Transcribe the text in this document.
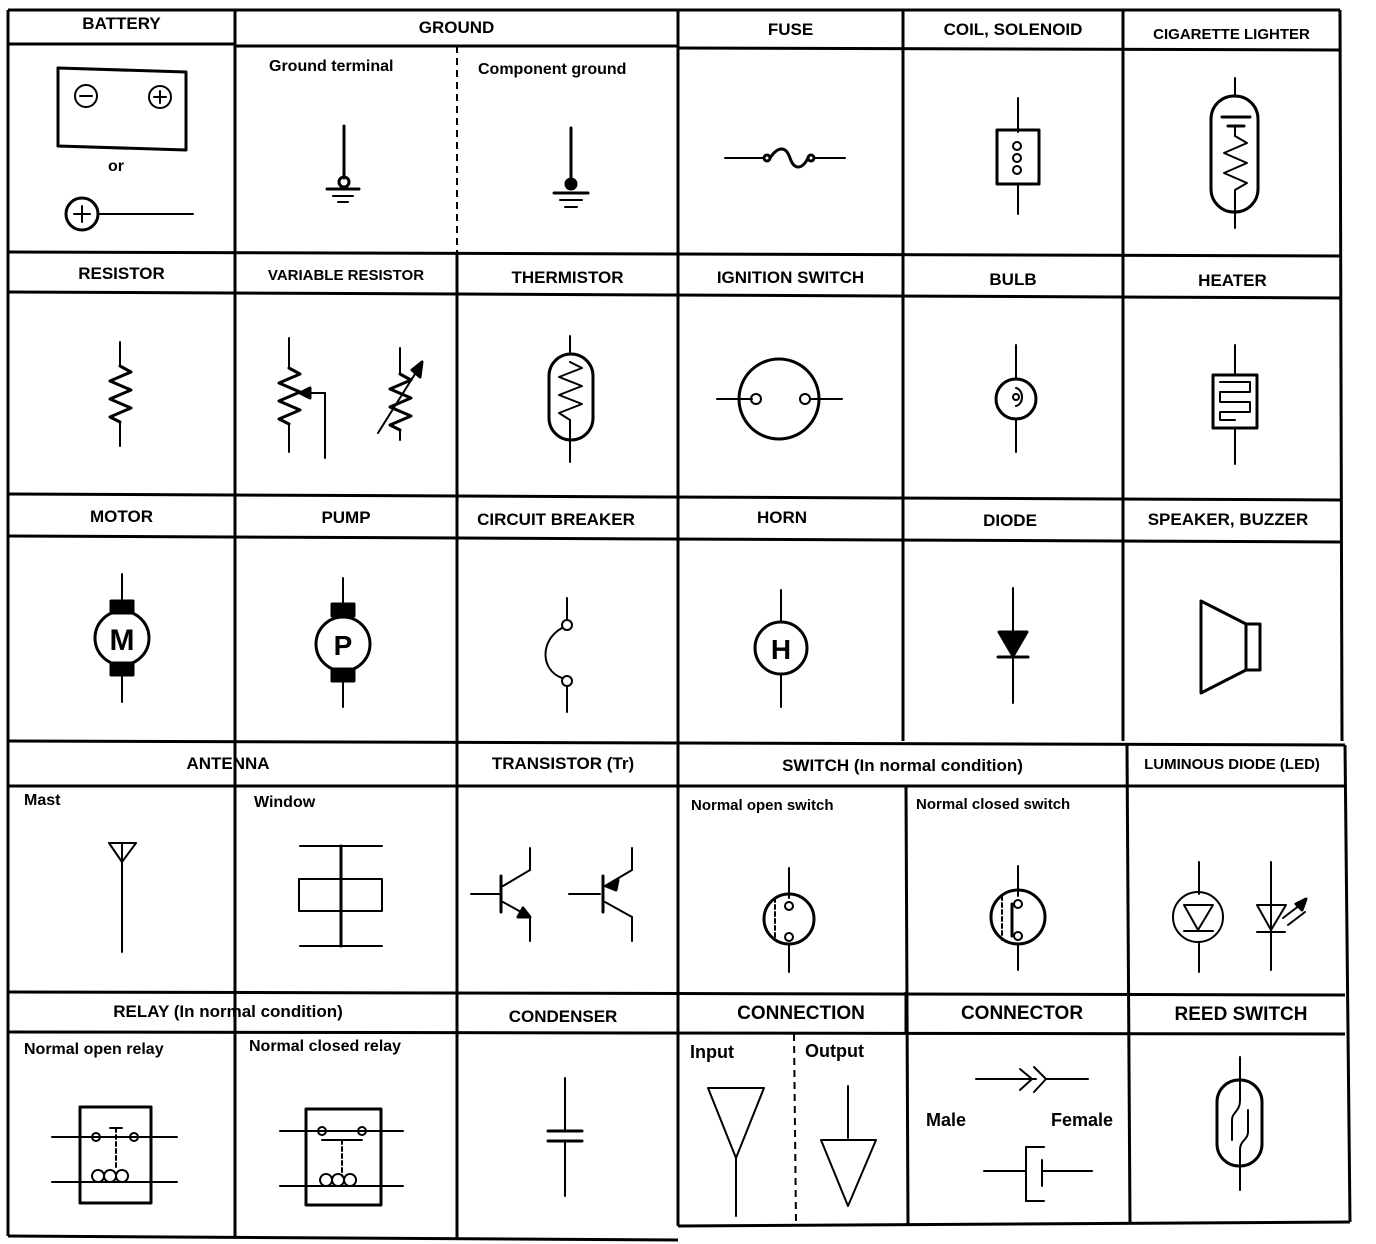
BATTERY	GROUND	FUSE	COIL, SOLENOID	CIGARETTE LIGHTER
RESISTOR	VARIABLE RESISTOR	THERMISTOR	IGNITION SWITCH	BULB	HEATER
MOTOR	PUMP	CIRCUIT BREAKER	HORN	DIODE	SPEAKER, BUZZER
ANTENNA	TRANSISTOR (Tr)	SWITCH (In normal condition)	LUMINOUS DIODE (LED)
RELAY (In normal condition)	CONDENSER	CONNECTION	CONNECTOR	REED SWITCH
Ground terminal	Component ground
Mast	Window	Normal open switch	Normal closed switch
Normal open relay	Normal closed relay	Input	Output
Male	Female
or
M	P	H
